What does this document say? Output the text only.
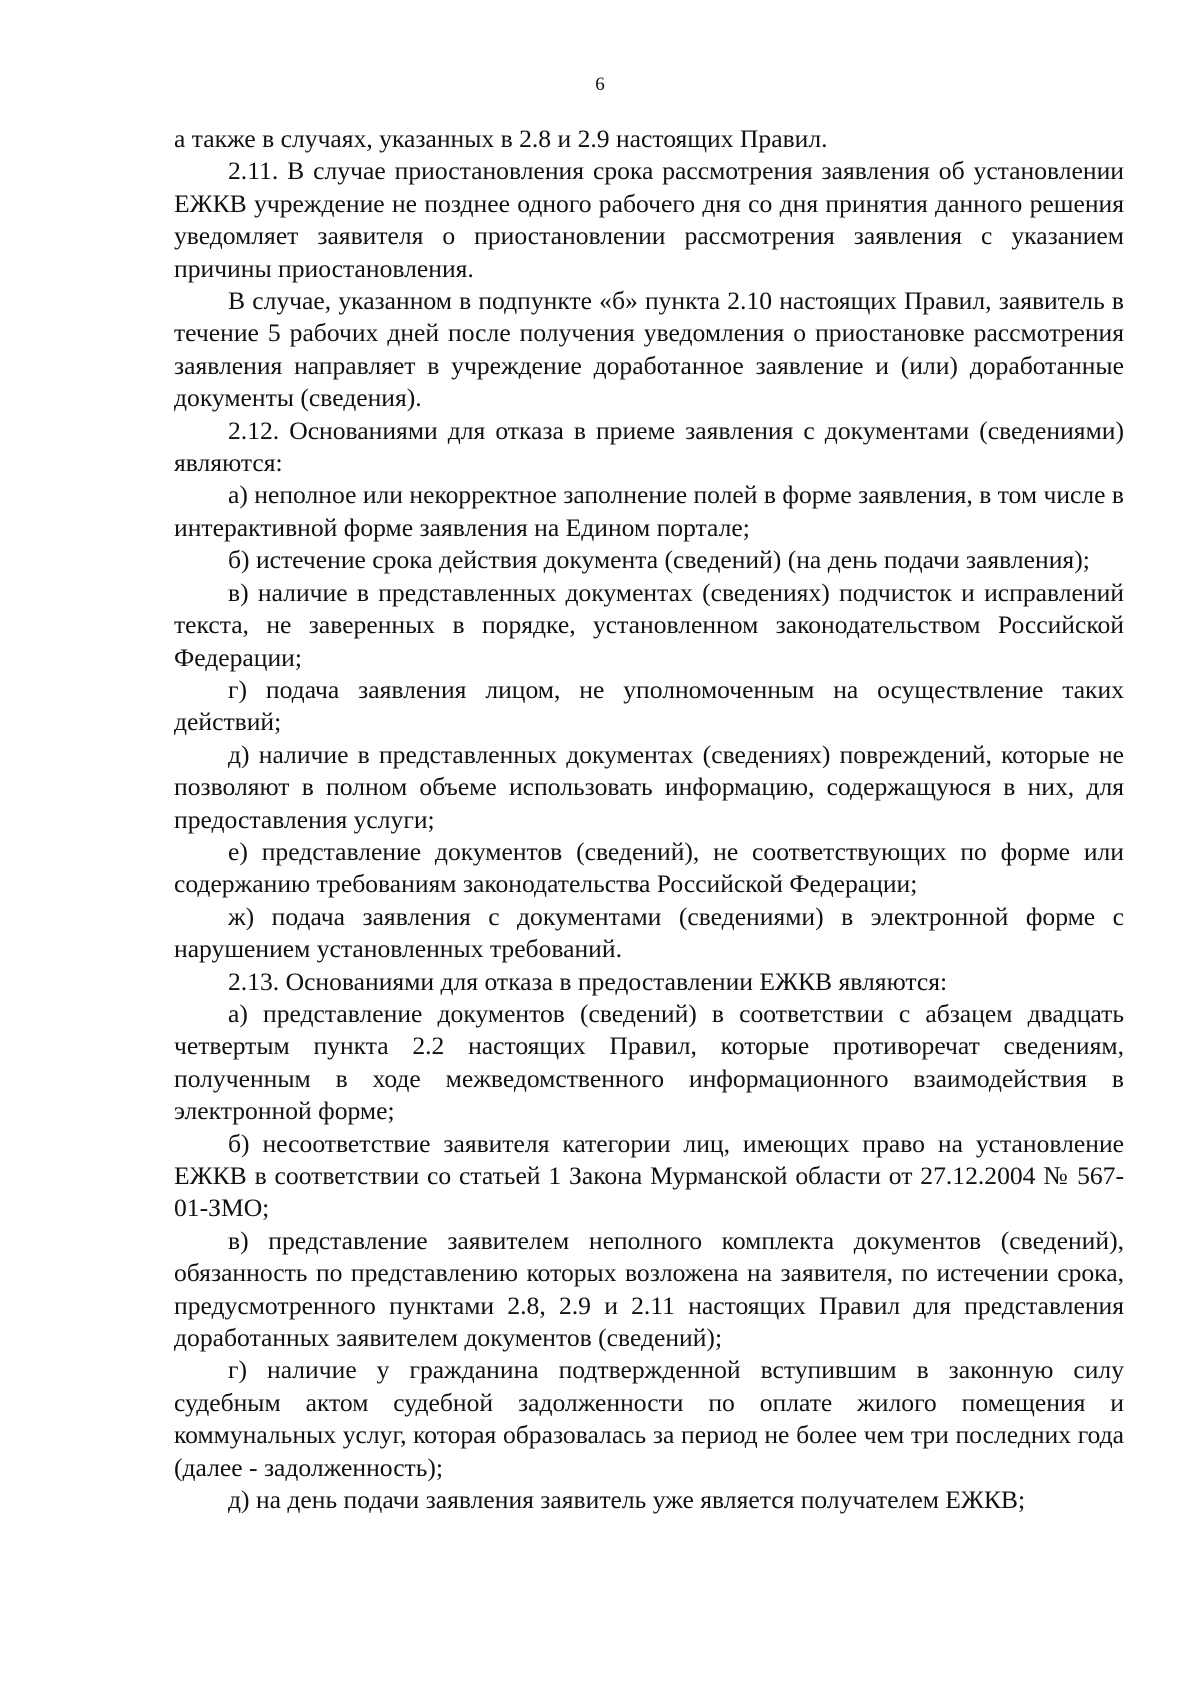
6

а также в случаях, указанных в 2.8 и 2.9 настоящих Правил.

2.11. В случае приостановления срока рассмотрения заявления об установлении ЕЖКВ учреждение не позднее одного рабочего дня со дня принятия данного решения уведомляет заявителя о приостановлении рассмотрения заявления с указанием причины приостановления.

В случае, указанном в подпункте «б» пункта 2.10 настоящих Правил, заявитель в течение 5 рабочих дней после получения уведомления о приостановке рассмотрения заявления направляет в учреждение доработанное заявление и (или) доработанные документы (сведения).

2.12. Основаниями для отказа в приеме заявления с документами (сведениями) являются:

а) неполное или некорректное заполнение полей в форме заявления, в том числе в интерактивной форме заявления на Едином портале;

б) истечение срока действия документа (сведений) (на день подачи заявления);

в) наличие в представленных документах (сведениях) подчисток и исправлений текста, не заверенных в порядке, установленном законодательством Российской Федерации;

г) подача заявления лицом, не уполномоченным на осуществление таких действий;

д) наличие в представленных документах (сведениях) повреждений, которые не позволяют в полном объеме использовать информацию, содержащуюся в них, для предоставления услуги;

е) представление документов (сведений), не соответствующих по форме или содержанию требованиям законодательства Российской Федерации;

ж) подача заявления с документами (сведениями) в электронной форме с нарушением установленных требований.

2.13. Основаниями для отказа в предоставлении ЕЖКВ являются:

а) представление документов (сведений) в соответствии с абзацем двадцать четвертым пункта 2.2 настоящих Правил, которые противоречат сведениям, полученным в ходе межведомственного информационного взаимодействия в электронной форме;

б) несоответствие заявителя категории лиц, имеющих право на установление ЕЖКВ в соответствии со статьей 1 Закона Мурманской области от 27.12.2004 № 567-01-ЗМО;

в) представление заявителем неполного комплекта документов (сведений), обязанность по представлению которых возложена на заявителя, по истечении срока, предусмотренного пунктами 2.8, 2.9 и 2.11 настоящих Правил для представления доработанных заявителем документов (сведений);

г) наличие у гражданина подтвержденной вступившим в законную силу судебным актом судебной задолженности по оплате жилого помещения и коммунальных услуг, которая образовалась за период не более чем три последних года (далее - задолженность);

д) на день подачи заявления заявитель уже является получателем ЕЖКВ;
